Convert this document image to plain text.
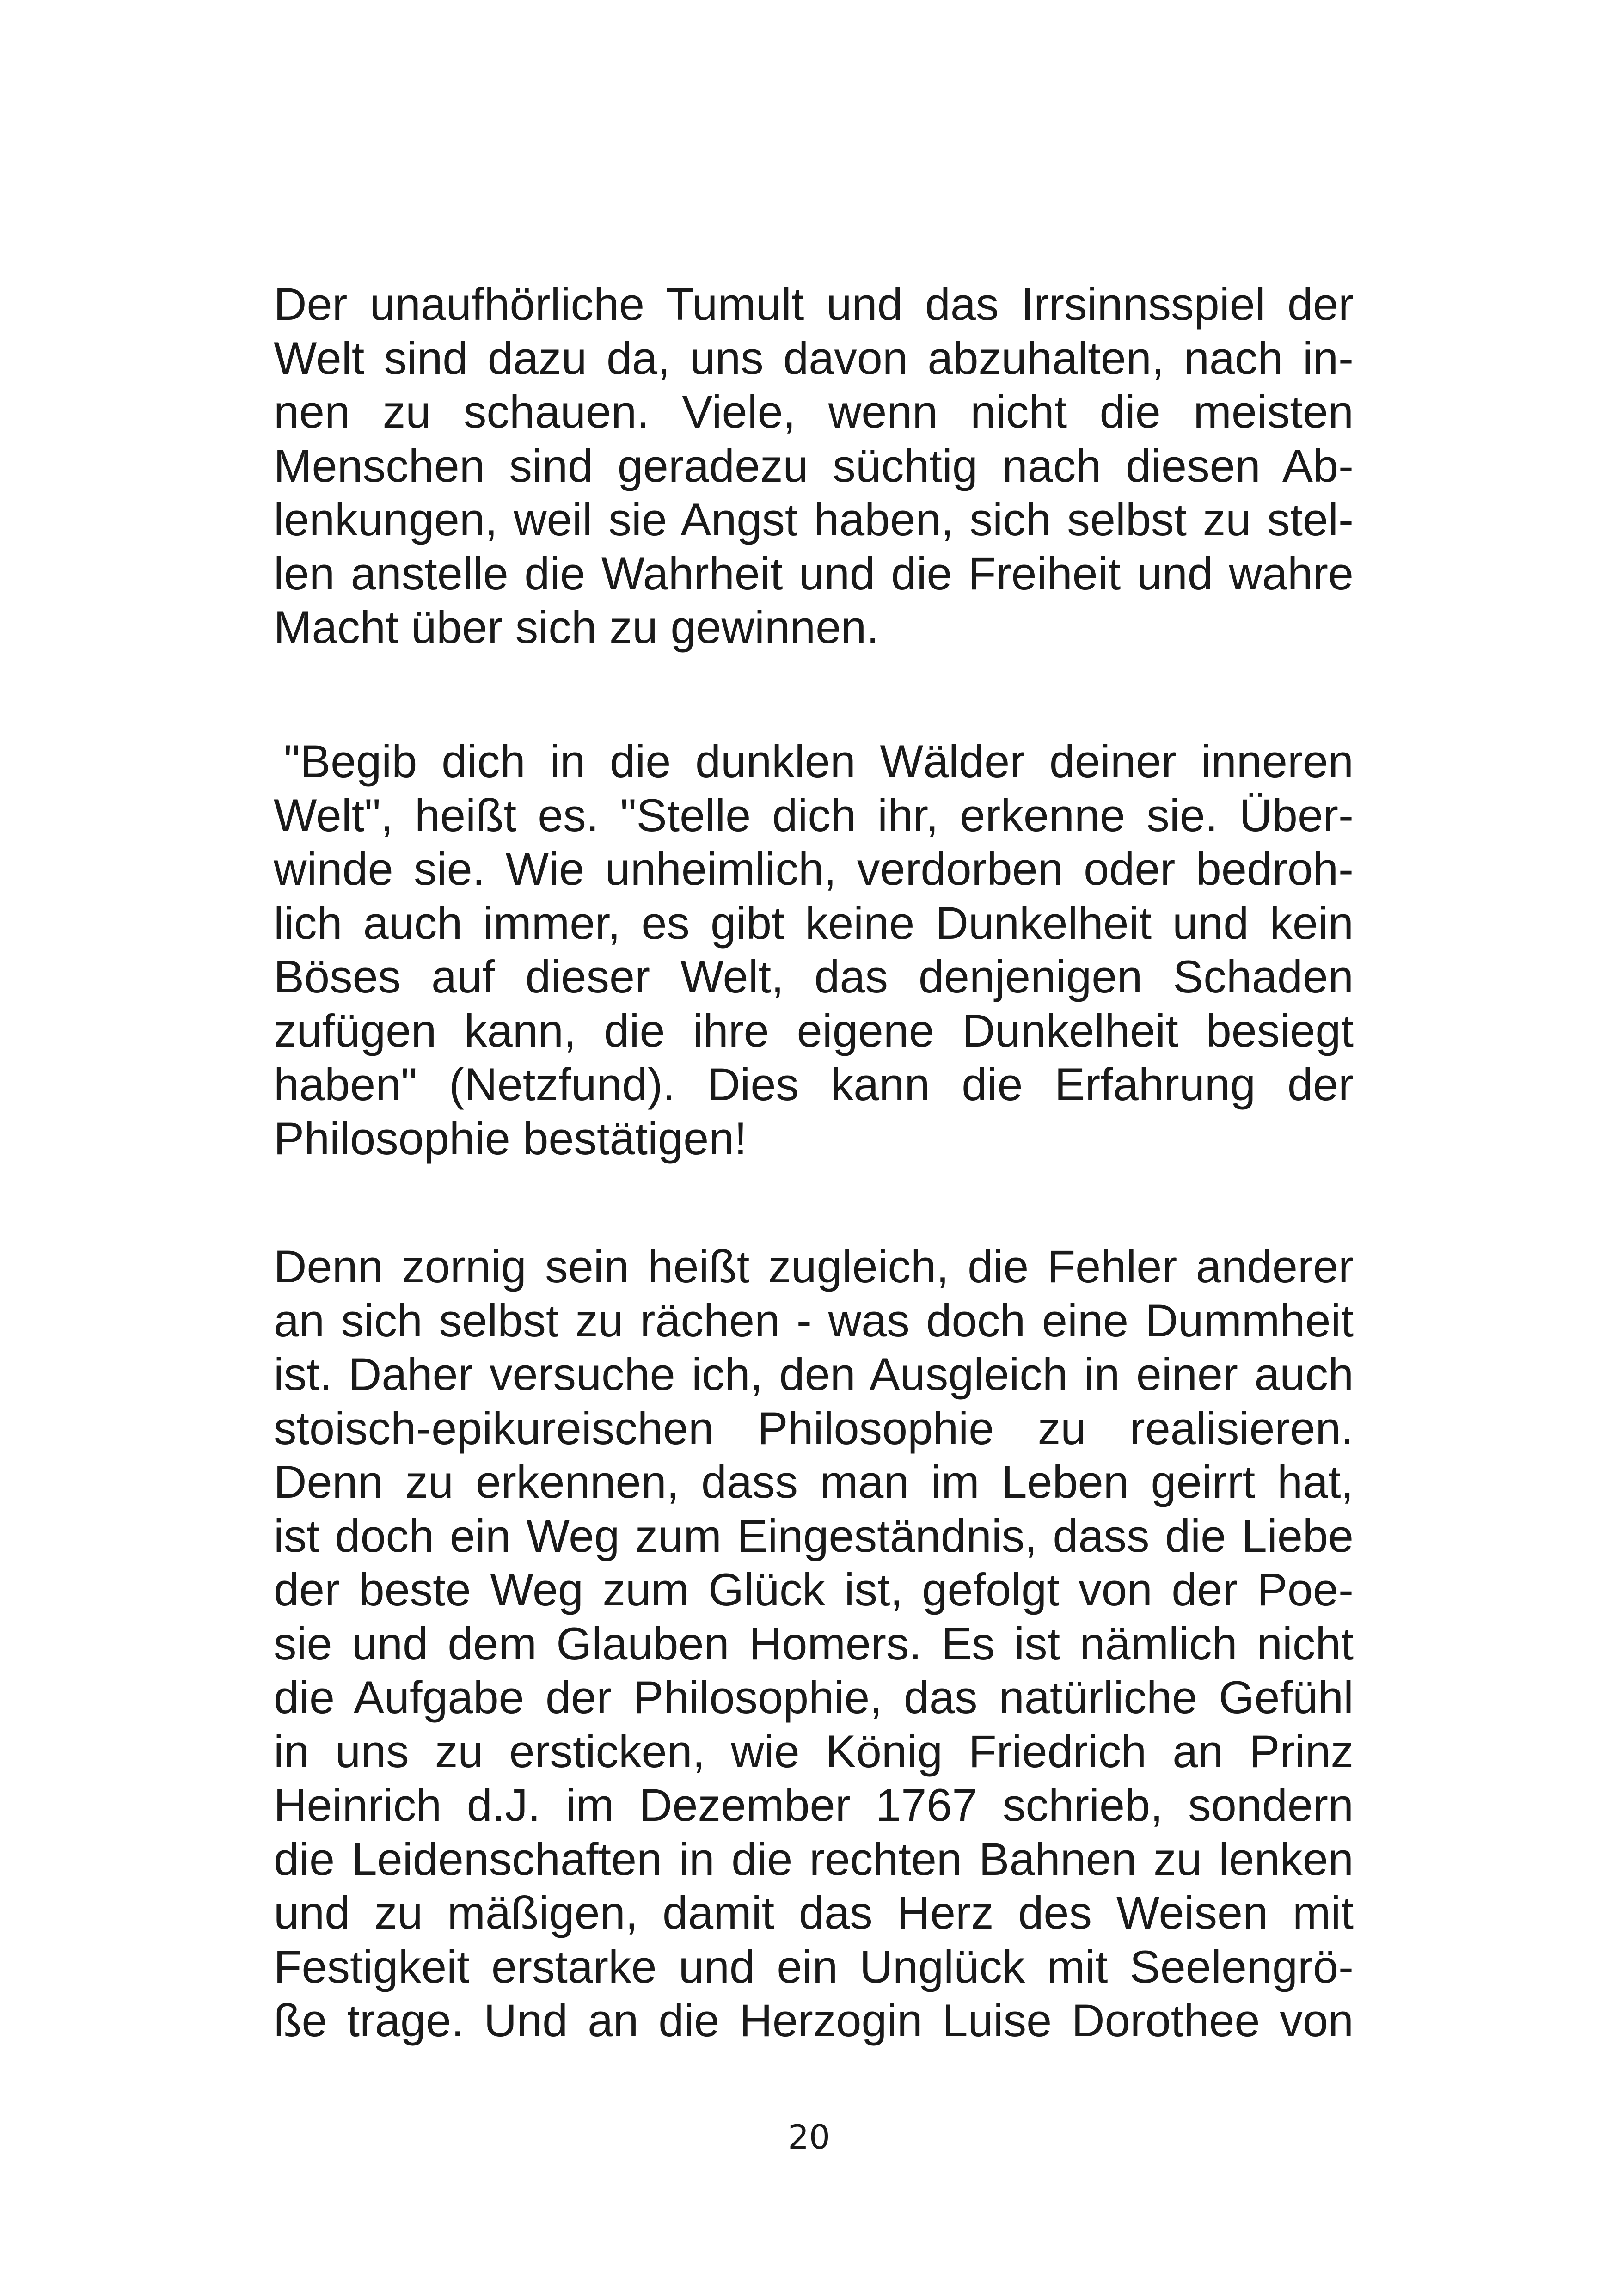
Der unaufhörliche Tumult und das Irrsinnsspiel der
Welt sind dazu da, uns davon abzuhalten, nach in-
nen zu schauen. Viele, wenn nicht die meisten
Menschen sind geradezu süchtig nach diesen Ab-
lenkungen, weil sie Angst haben, sich selbst zu stel-
len anstelle die Wahrheit und die Freiheit und wahre
Macht über sich zu gewinnen.

"Begib dich in die dunklen Wälder deiner inneren
Welt", heißt es. "Stelle dich ihr, erkenne sie. Über-
winde sie. Wie unheimlich, verdorben oder bedroh-
lich auch immer, es gibt keine Dunkelheit und kein
Böses auf dieser Welt, das denjenigen Schaden
zufügen kann, die ihre eigene Dunkelheit besiegt
haben" (Netzfund). Dies kann die Erfahrung der
Philosophie bestätigen!

Denn zornig sein heißt zugleich, die Fehler anderer
an sich selbst zu rächen - was doch eine Dummheit
ist. Daher versuche ich, den Ausgleich in einer auch
stoisch-epikureischen Philosophie zu realisieren.
Denn zu erkennen, dass man im Leben geirrt hat,
ist doch ein Weg zum Eingeständnis, dass die Liebe
der beste Weg zum Glück ist, gefolgt von der Poe-
sie und dem Glauben Homers. Es ist nämlich nicht
die Aufgabe der Philosophie, das natürliche Gefühl
in uns zu ersticken, wie König Friedrich an Prinz
Heinrich d.J. im Dezember 1767 schrieb, sondern
die Leidenschaften in die rechten Bahnen zu lenken
und zu mäßigen, damit das Herz des Weisen mit
Festigkeit erstarke und ein Unglück mit Seelengrö-
ße trage. Und an die Herzogin Luise Dorothee von

20
